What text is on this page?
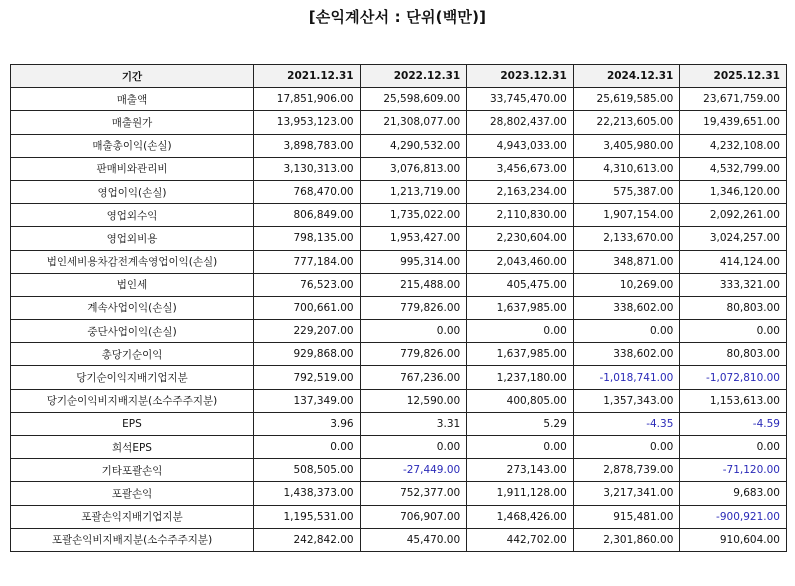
[손익계산서 : 단위(백만)]
기간	2021.12.31	2022.12.31	2023.12.31	2024.12.31	2025.12.31
매출액	17,851,906.00	25,598,609.00	33,745,470.00	25,619,585.00	23,671,759.00
매출원가	13,953,123.00	21,308,077.00	28,802,437.00	22,213,605.00	19,439,651.00
매출총이익(손실)	3,898,783.00	4,290,532.00	4,943,033.00	3,405,980.00	4,232,108.00
판매비와관리비	3,130,313.00	3,076,813.00	3,456,673.00	4,310,613.00	4,532,799.00
영업이익(손실)	768,470.00	1,213,719.00	2,163,234.00	575,387.00	1,346,120.00
영업외수익	806,849.00	1,735,022.00	2,110,830.00	1,907,154.00	2,092,261.00
영업외비용	798,135.00	1,953,427.00	2,230,604.00	2,133,670.00	3,024,257.00
법인세비용차감전계속영업이익(손실)	777,184.00	995,314.00	2,043,460.00	348,871.00	414,124.00
법인세	76,523.00	215,488.00	405,475.00	10,269.00	333,321.00
계속사업이익(손실)	700,661.00	779,826.00	1,637,985.00	338,602.00	80,803.00
중단사업이익(손실)	229,207.00	0.00	0.00	0.00	0.00
총당기순이익	929,868.00	779,826.00	1,637,985.00	338,602.00	80,803.00
당기순이익지배기업지분	792,519.00	767,236.00	1,237,180.00	-1,018,741.00	-1,072,810.00
당기순이익비지배지분(소수주주지분)	137,349.00	12,590.00	400,805.00	1,357,343.00	1,153,613.00
EPS	3.96	3.31	5.29	-4.35	-4.59
희석EPS	0.00	0.00	0.00	0.00	0.00
기타포괄손익	508,505.00	-27,449.00	273,143.00	2,878,739.00	-71,120.00
포괄손익	1,438,373.00	752,377.00	1,911,128.00	3,217,341.00	9,683.00
포괄손익지배기업지분	1,195,531.00	706,907.00	1,468,426.00	915,481.00	-900,921.00
포괄손익비지배지분(소수주주지분)	242,842.00	45,470.00	442,702.00	2,301,860.00	910,604.00
